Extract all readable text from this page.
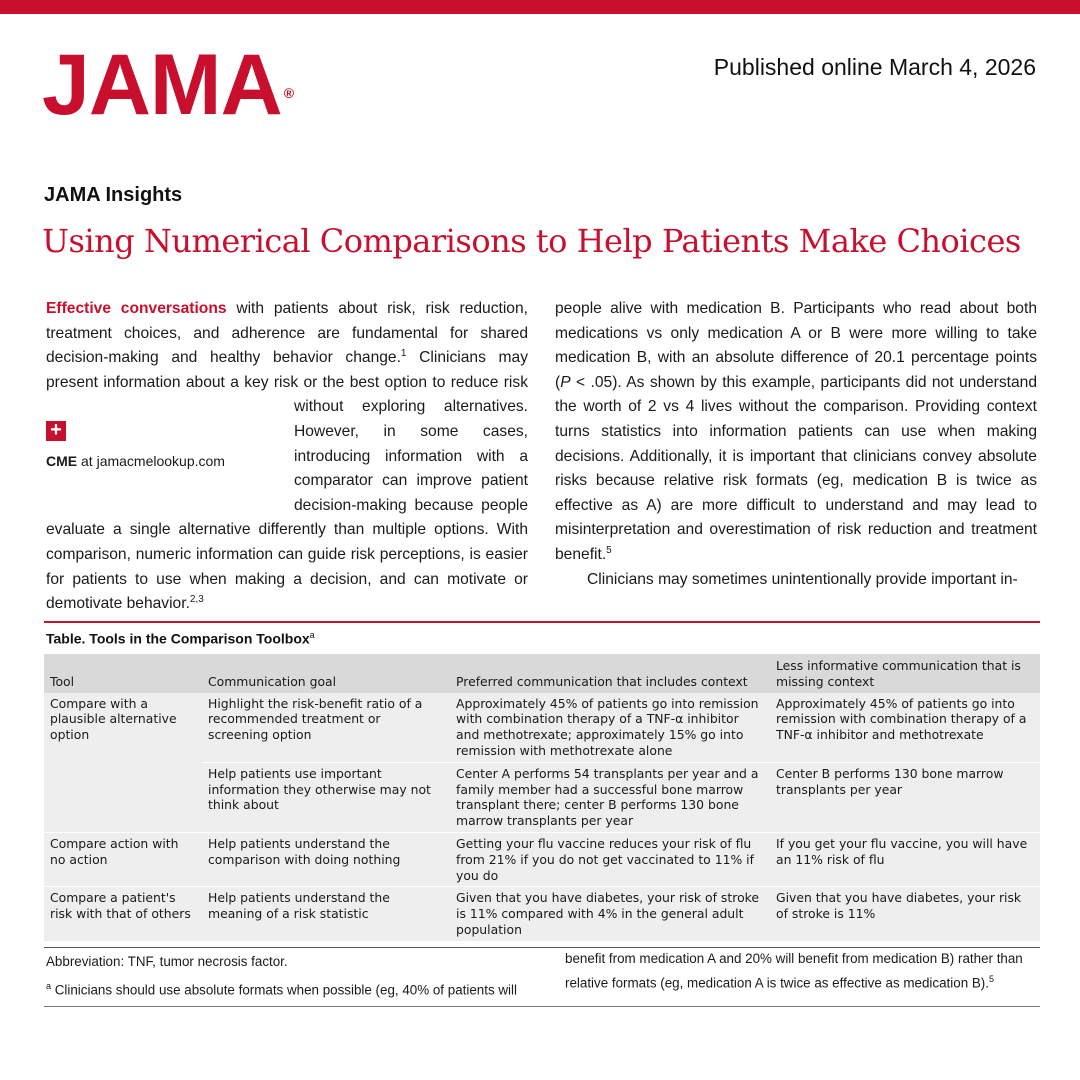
JAMA ®
Published online March 4, 2026
JAMA Insights
Using Numerical Comparisons to Help Patients Make Choices

Effective conversations with patients about risk, risk reduction, treatment choices, and adherence are fundamental for shared decision-making and healthy behavior change.$^1$ Clinicians may present information about a key risk or the best option to reduce risk
+
CME at jamacmelookup.com
without exploring alternatives. However, in some cases, introducing information with a comparator can improve patient decision-making because people evaluate a single alternative differently than multiple options. With comparison, numeric information can guide risk perceptions, is easier for patients to use when making a decision, and can motivate or demotivate behavior.$^{2,3}$

people alive with medication B. Participants who read about both medications vs only medication A or B were more willing to take medication B, with an absolute difference of 20.1 percentage points (P < .05). As shown by this example, participants did not understand the worth of 2 vs 4 lives without the comparison. Providing context turns statistics into information patients can use when making decisions. Additionally, it is important that clinicians convey absolute risks because relative risk formats (eg, medication B is twice as effective as A) are more difficult to understand and may lead to misinterpretation and overestimation of risk reduction and treatment benefit.$^5$

Clinicians may sometimes unintentionally provide important in-

Table. Tools in the Comparison Toolbox$^a$
Tool	Communication goal	Preferred communication that includes context	Less informative communication that is missing context
Compare with a plausible alternative option	Highlight the risk-benefit ratio of a recommended treatment or screening option	Approximately 45% of patients go into remission with combination therapy of a TNF-α inhibitor and methotrexate; approximately 15% go into remission with methotrexate alone	Approximately 45% of patients go into remission with combination therapy of a TNF-α inhibitor and methotrexate
	Help patients use important information they otherwise may not think about	Center A performs 54 transplants per year and a family member had a successful bone marrow transplant there; center B performs 130 bone marrow transplants per year	Center B performs 130 bone marrow transplants per year
Compare action with no action	Help patients understand the comparison with doing nothing	Getting your flu vaccine reduces your risk of flu from 21% if you do not get vaccinated to 11% if you do	If you get your flu vaccine, you will have an 11% risk of flu
Compare a patient's risk with that of others	Help patients understand the meaning of a risk statistic	Given that you have diabetes, your risk of stroke is 11% compared with 4% in the general adult population	Given that you have diabetes, your risk of stroke is 11%
Abbreviation: TNF, tumor necrosis factor.
$^a$ Clinicians should use absolute formats when possible (eg, 40% of patients will
benefit from medication A and 20% will benefit from medication B) rather than relative formats (eg, medication A is twice as effective as medication B).$^5$
